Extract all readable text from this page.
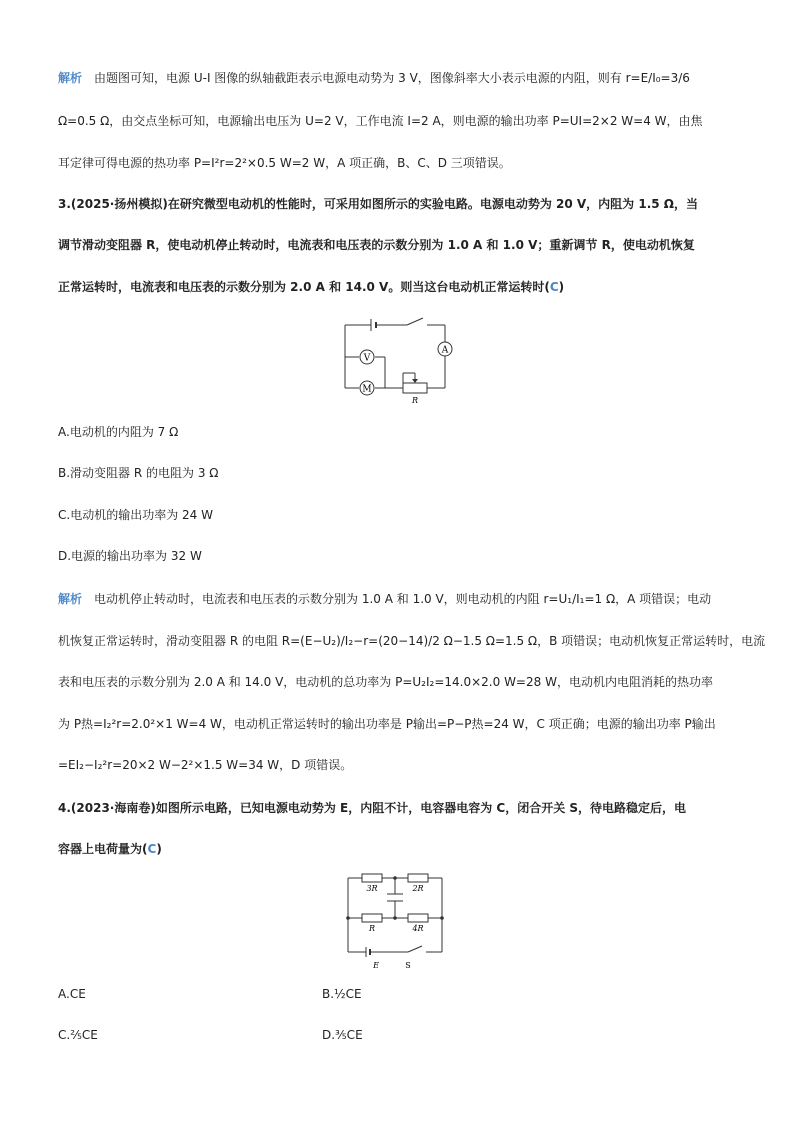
解析 由题图可知，电源 U-I 图像的纵轴截距表示电源电动势为 3 V，图像斜率大小表示电源的内阻，则有 r=E/I₀=3/6
Ω=0.5 Ω，由交点坐标可知，电源输出电压为 U=2 V，工作电流 I=2 A，则电源的输出功率 P=UI=2×2 W=4 W，由焦
耳定律可得电源的热功率 P=I²r=2²×0.5 W=2 W，A 项正确，B、C、D 三项错误。
3.(2025·扬州模拟)在研究微型电动机的性能时，可采用如图所示的实验电路。电源电动势为 20 V，内阻为 1.5 Ω，当
调节滑动变阻器 R，使电动机停止转动时，电流表和电压表的示数分别为 1.0 A 和 1.0 V；重新调节 R，使电动机恢复
正常运转时，电流表和电压表的示数分别为 2.0 A 和 14.0 V。则当这台电动机正常运转时(C)
V
M
A
R
A.电动机的内阻为 7 Ω
B.滑动变阻器 R 的电阻为 3 Ω
C.电动机的输出功率为 24 W
D.电源的输出功率为 32 W
解析 电动机停止转动时，电流表和电压表的示数分别为 1.0 A 和 1.0 V，则电动机的内阻 r=U₁/I₁=1 Ω，A 项错误；电动
机恢复正常运转时，滑动变阻器 R 的电阻 R=(E−U₂)/I₂−r=(20−14)/2 Ω−1.5 Ω=1.5 Ω，B 项错误；电动机恢复正常运转时，电流
表和电压表的示数分别为 2.0 A 和 14.0 V，电动机的总功率为 P=U₂I₂=14.0×2.0 W=28 W，电动机内电阻消耗的热功率
为 P热=I₂²r=2.0²×1 W=4 W，电动机正常运转时的输出功率是 P输出=P−P热=24 W，C 项正确；电源的输出功率 P输出
=EI₂−I₂²r=20×2 W−2²×1.5 W=34 W，D 项错误。
4.(2023·海南卷)如图所示电路，已知电源电动势为 E，内阻不计，电容器电容为 C，闭合开关 S，待电路稳定后，电
容器上电荷量为(C)
3R	2R
R	4R
E	S
A.CE	B.½CE
C.⅖CE	D.⅗CE
